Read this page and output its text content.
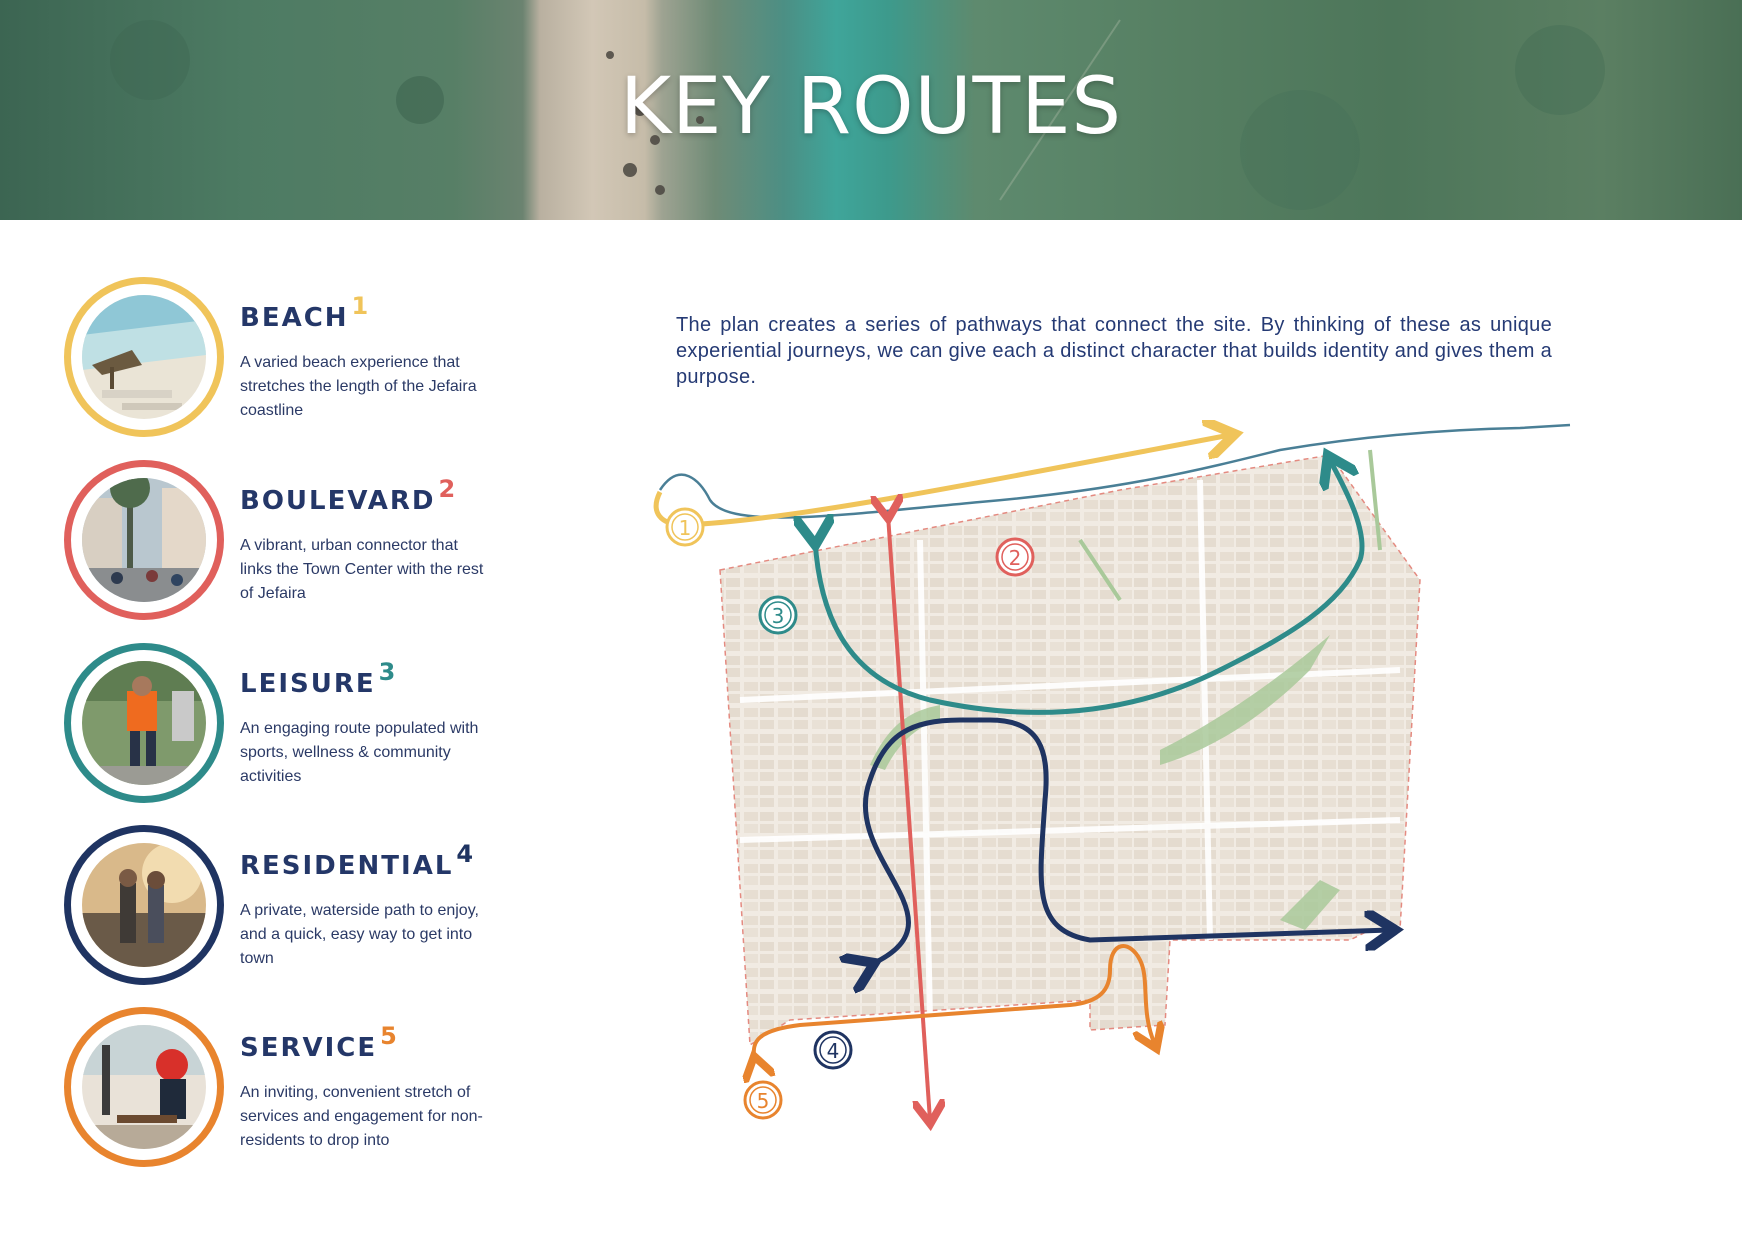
KEY ROUTES
BEACH 1
A varied beach experience that stretches the length of the Jefaira coastline
BOULEVARD 2
A vibrant, urban connector that links the Town Center with the rest of Jefaira
LEISURE 3
An engaging route populated with sports, wellness & community activities
RESIDENTIAL 4
A private, waterside path to enjoy, and a quick, easy way to get into town
SERVICE 5
An inviting, convenient stretch of services and engagement for non-residents to drop into
The plan creates a series of pathways that connect the site. By thinking of these as unique experiential journeys, we can give each a distinct character that builds identity and gives them a purpose.
1
2
3
4
5
